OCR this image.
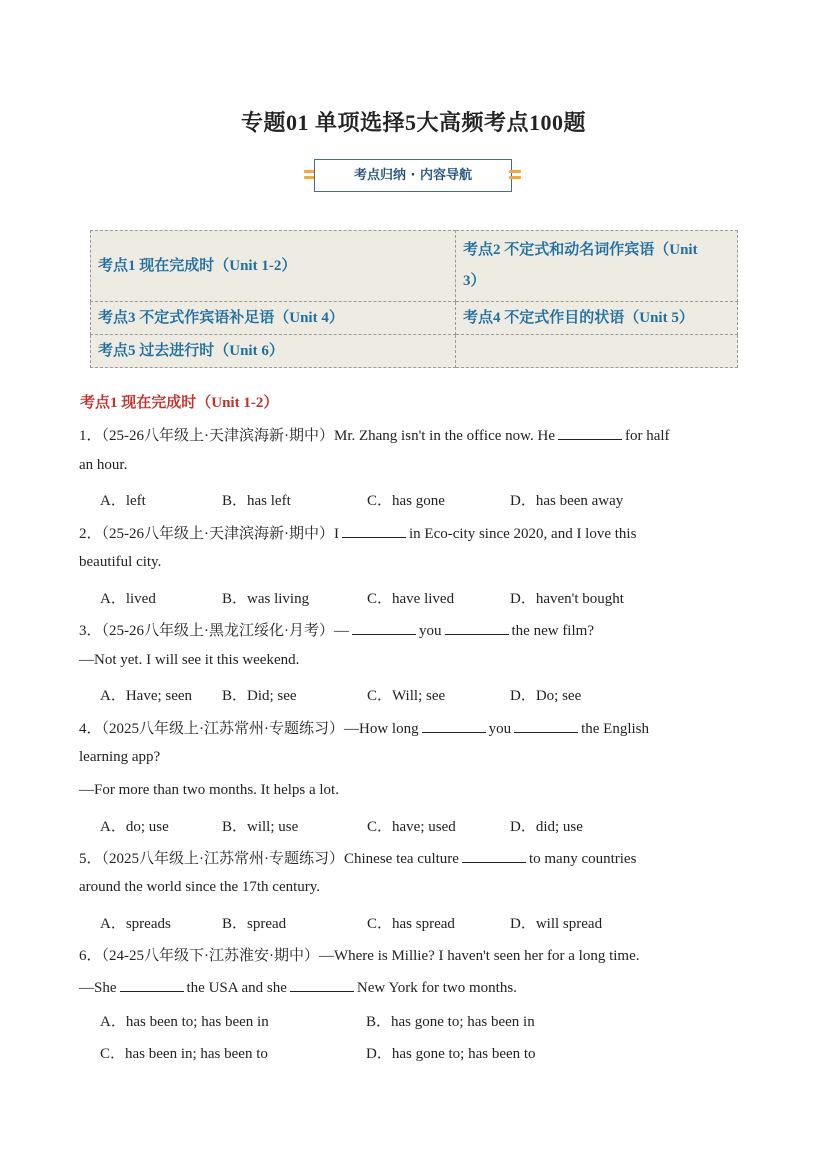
专题01 单项选择5大高频考点100题
考点归纳 · 内容导航
考点1 现在完成时（Unit 1-2）	考点2 不定式和动名词作宾语（Unit
3）
考点3 不定式作宾语补足语（Unit 4）	考点4 不定式作目的状语（Unit 5）
考点5 过去进行时（Unit 6）	
考点1 现在完成时（Unit 1-2）
1．（25-26八年级上·天津滨海新·期中）Mr. Zhang isn't in the office now. He	for half
an hour.
A．left	B．has left	C．has gone	D．has been away
2．（25-26八年级上·天津滨海新·期中）I	in Eco-city since 2020, and I love this
beautiful city.
A．lived	B．was living	C．have lived	D．haven't bought
3．（25-26八年级上·黑龙江绥化·月考）—	you	the new film?
—Not yet. I will see it this weekend.
A．Have; seen B．Did; see	C．Will; see	D．Do; see
4．（2025八年级上·江苏常州·专题练习）—How long	you	the English
learning app?
—For more than two months. It helps a lot.
A．do; use	B．will; use	C．have; used	D．did; use
5．（2025八年级上·江苏常州·专题练习）Chinese tea culture	to many countries
around the world since the 17th century.
A．spreads	B．spread	C．has spread	D．will spread
6．（24-25八年级下·江苏淮安·期中）—Where is Millie? I haven't seen her for a long time.
—She	the USA and she	New York for two months.
A．has been to; has been in	B．has gone to; has been in
C．has been in; has been to	D．has gone to; has been to
